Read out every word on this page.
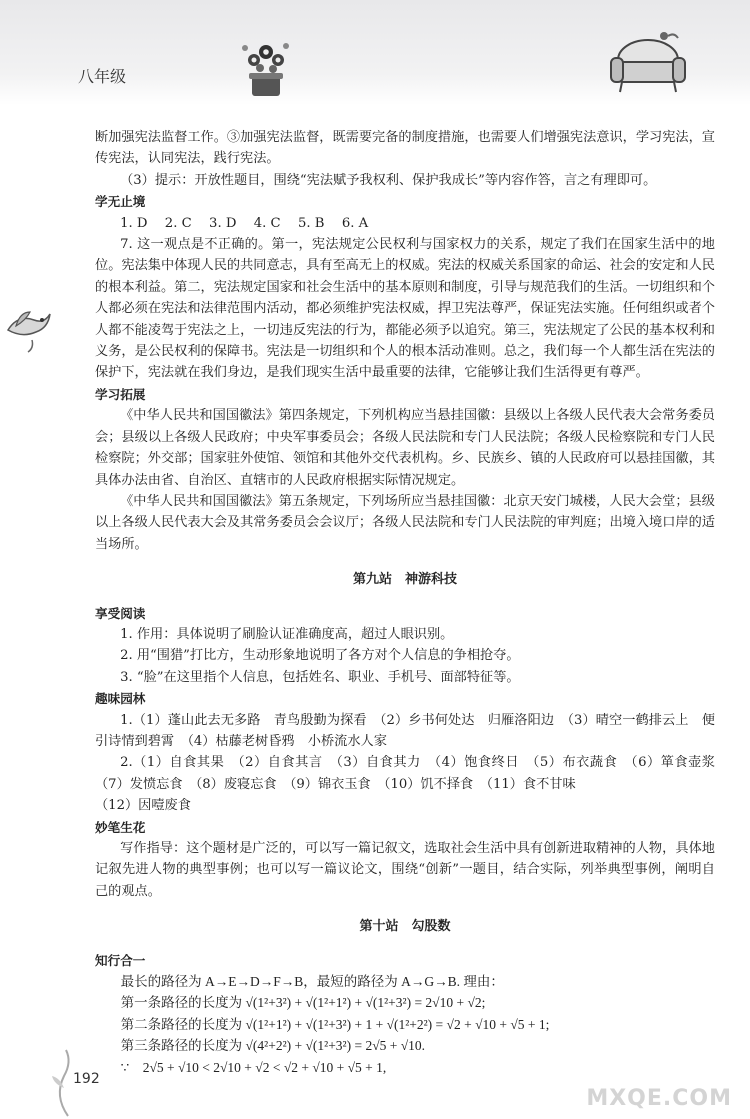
八年级

断加强宪法监督工作。③加强宪法监督，既需要完备的制度措施，也需要人们增强宪法意识，学习宪法，宣传宪法，认同宪法，践行宪法。

（3）提示：开放性题目，围绕“宪法赋予我权利、保护我成长”等内容作答，言之有理即可。

学无止境

1. D　 2. C　 3. D　 4. C　 5. B　 6. A

7. 这一观点是不正确的。第一，宪法规定公民权利与国家权力的关系，规定了我们在国家生活中的地位。宪法集中体现人民的共同意志，具有至高无上的权威。宪法的权威关系国家的命运、社会的安定和人民的根本利益。第二，宪法规定国家和社会生活中的基本原则和制度，引导与规范我们的生活。一切组织和个人都必须在宪法和法律范围内活动，都必须维护宪法权威，捍卫宪法尊严，保证宪法实施。任何组织或者个人都不能凌驾于宪法之上，一切违反宪法的行为，都能必须予以追究。第三，宪法规定了公民的基本权利和义务，是公民权利的保障书。宪法是一切组织和个人的根本活动准则。总之，我们每一个人都生活在宪法的保护下，宪法就在我们身边，是我们现实生活中最重要的法律，它能够让我们生活得更有尊严。

学习拓展

《中华人民共和国国徽法》第四条规定，下列机构应当悬挂国徽：县级以上各级人民代表大会常务委员会；县级以上各级人民政府；中央军事委员会；各级人民法院和专门人民法院；各级人民检察院和专门人民检察院；外交部；国家驻外使馆、领馆和其他外交代表机构。乡、民族乡、镇的人民政府可以悬挂国徽，其具体办法由省、自治区、直辖市的人民政府根据实际情况规定。

《中华人民共和国国徽法》第五条规定，下列场所应当悬挂国徽：北京天安门城楼，人民大会堂；县级以上各级人民代表大会及其常务委员会会议厅；各级人民法院和专门人民法院的审判庭；出境入境口岸的适当场所。

第九站　神游科技

享受阅读

1. 作用：具体说明了刷脸认证准确度高，超过人眼识别。

2. 用“围猎”打比方，生动形象地说明了各方对个人信息的争相抢夺。

3. “脸”在这里指个人信息，包括姓名、职业、手机号、面部特征等。

趣味园林

1.（1）蓬山此去无多路　青鸟殷勤为探看　（2）乡书何处达　归雁洛阳边　（3）晴空一鹤排云上　便引诗情到碧霄　（4）枯藤老树昏鸦　小桥流水人家

2.（1）自食其果　（2）自食其言　（3）自食其力　（4）饱食终日　（5）布衣蔬食　（6）箪食壶浆　（7）发愤忘食　（8）废寝忘食　（9）锦衣玉食　（10）饥不择食　（11）食不甘味

（12）因噎废食

妙笔生花

写作指导：这个题材是广泛的，可以写一篇记叙文，选取社会生活中具有创新进取精神的人物，具体地记叙先进人物的典型事例；也可以写一篇议论文，围绕“创新”一题目，结合实际，列举典型事例，阐明自己的观点。

第十站　勾股数

知行合一

最长的路径为 A→E→D→F→B，最短的路径为 A→G→B. 理由：

第一条路径的长度为 √(1²+3²) + √(1²+1²) + √(1²+3²) = 2√10 + √2;

第二条路径的长度为 √(1²+1²) + √(1²+3²) + 1 + √(1²+2²) = √2 + √10 + √5 + 1;

第三条路径的长度为 √(4²+2²) + √(1²+3²) = 2√5 + √10.

∵　2√5 + √10 < 2√10 + √2 < √2 + √10 + √5 + 1,

192
MXQE.COM
